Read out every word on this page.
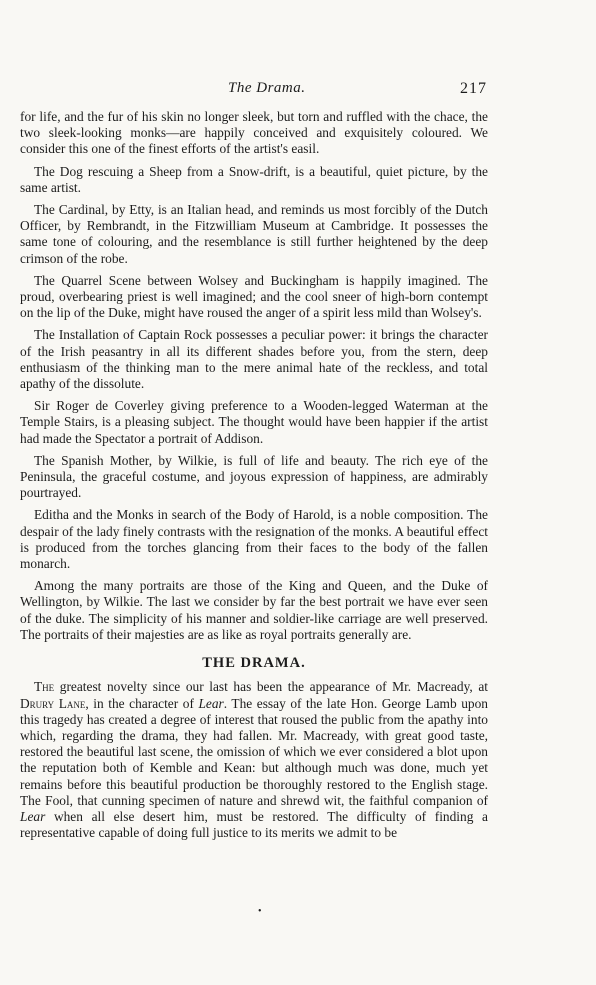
The Drama.	217

for life, and the fur of his skin no longer sleek, but torn and ruffled with the chace, the two sleek-looking monks—are happily conceived and exquisitely coloured. We consider this one of the finest efforts of the artist's easil.

The Dog rescuing a Sheep from a Snow-drift, is a beautiful, quiet picture, by the same artist.

The Cardinal, by Etty, is an Italian head, and reminds us most forcibly of the Dutch Officer, by Rembrandt, in the Fitzwilliam Museum at Cambridge. It possesses the same tone of colouring, and the resemblance is still further heightened by the deep crimson of the robe.

The Quarrel Scene between Wolsey and Buckingham is happily imagined. The proud, overbearing priest is well imagined; and the cool sneer of high-born contempt on the lip of the Duke, might have roused the anger of a spirit less mild than Wolsey's.

The Installation of Captain Rock possesses a peculiar power: it brings the character of the Irish peasantry in all its different shades before you, from the stern, deep enthusiasm of the thinking man to the mere animal hate of the reckless, and total apathy of the dissolute.

Sir Roger de Coverley giving preference to a Wooden-legged Waterman at the Temple Stairs, is a pleasing subject. The thought would have been happier if the artist had made the Spectator a portrait of Addison.

The Spanish Mother, by Wilkie, is full of life and beauty. The rich eye of the Peninsula, the graceful costume, and joyous expression of happiness, are admirably pourtrayed.

Editha and the Monks in search of the Body of Harold, is a noble composition. The despair of the lady finely contrasts with the resignation of the monks. A beautiful effect is produced from the torches glancing from their faces to the body of the fallen monarch.

Among the many portraits are those of the King and Queen, and the Duke of Wellington, by Wilkie. The last we consider by far the best portrait we have ever seen of the duke. The simplicity of his manner and soldier-like carriage are well preserved. The portraits of their majesties are as like as royal portraits generally are.

THE DRAMA.

The greatest novelty since our last has been the appearance of Mr. Macready, at Drury Lane, in the character of Lear. The essay of the late Hon. George Lamb upon this tragedy has created a degree of interest that roused the public from the apathy into which, regarding the drama, they had fallen. Mr. Macready, with great good taste, restored the beautiful last scene, the omission of which we ever considered a blot upon the reputation both of Kemble and Kean: but although much was done, much yet remains before this beautiful production be thoroughly restored to the English stage. The Fool, that cunning specimen of nature and shrewd wit, the faithful companion of Lear when all else desert him, must be restored. The difficulty of finding a representative capable of doing full justice to its merits we admit to be

•
